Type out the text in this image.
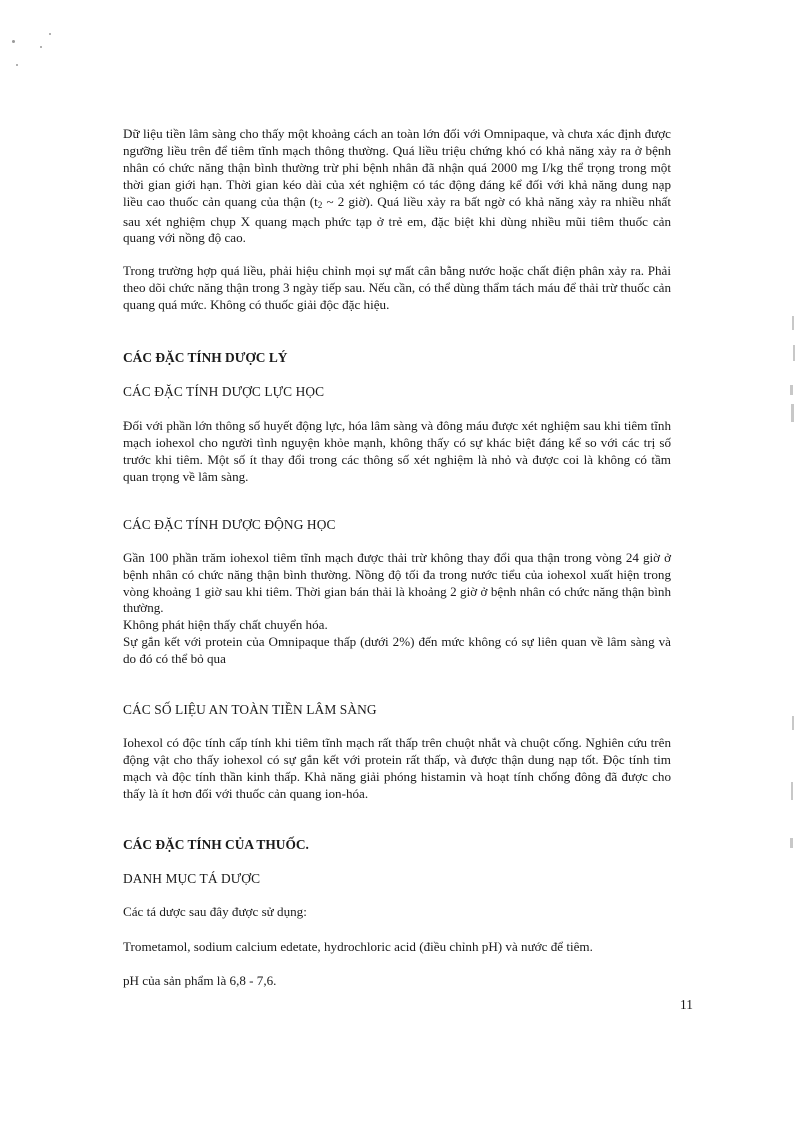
Dữ liệu tiền lâm sàng cho thấy một khoảng cách an toàn lớn đối với Omnipaque, và chưa xác định được ngưỡng liều trên để tiêm tĩnh mạch thông thường. Quá liều triệu chứng khó có khả năng xảy ra ở bệnh nhân có chức năng thận bình thường trừ phi bệnh nhân đã nhận quá 2000 mg I/kg thể trọng trong một thời gian giới hạn. Thời gian kéo dài của xét nghiệm có tác động đáng kể đối với khả năng dung nạp liều cao thuốc cản quang của thận ($t_2$ ~ 2 giờ). Quá liều xảy ra bất ngờ có khả năng xảy ra nhiều nhất sau xét nghiệm chụp X quang mạch phức tạp ở trẻ em, đặc biệt khi dùng nhiều mũi tiêm thuốc cản quang với nồng độ cao.

Trong trường hợp quá liều, phải hiệu chỉnh mọi sự mất cân bằng nước hoặc chất điện phân xảy ra. Phải theo dõi chức năng thận trong 3 ngày tiếp sau. Nếu cần, có thể dùng thẩm tách máu để thải trừ thuốc cản quang quá mức. Không có thuốc giải độc đặc hiệu.

CÁC ĐẶC TÍNH DƯỢC LÝ

CÁC ĐẶC TÍNH DƯỢC LỰC HỌC

Đối với phần lớn thông số huyết động lực, hóa lâm sàng và đông máu được xét nghiệm sau khi tiêm tĩnh mạch iohexol cho người tình nguyện khỏe mạnh, không thấy có sự khác biệt đáng kể so với các trị số trước khi tiêm. Một số ít thay đổi trong các thông số xét nghiệm là nhỏ và được coi là không có tầm quan trọng về lâm sàng.

CÁC ĐẶC TÍNH DƯỢC ĐỘNG HỌC

Gần 100 phần trăm iohexol tiêm tĩnh mạch được thải trừ không thay đổi qua thận trong vòng 24 giờ ở bệnh nhân có chức năng thận bình thường. Nồng độ tối đa trong nước tiểu của iohexol xuất hiện trong vòng khoảng 1 giờ sau khi tiêm. Thời gian bán thải là khoảng 2 giờ ở bệnh nhân có chức năng thận bình thường.

Không phát hiện thấy chất chuyển hóa.

Sự gắn kết với protein của Omnipaque thấp (dưới 2%) đến mức không có sự liên quan về lâm sàng và do đó có thể bỏ qua

CÁC SỐ LIỆU AN TOÀN TIỀN LÂM SÀNG

Iohexol có độc tính cấp tính khi tiêm tĩnh mạch rất thấp trên chuột nhắt và chuột cống. Nghiên cứu trên động vật cho thấy iohexol có sự gắn kết với protein rất thấp, và được thận dung nạp tốt. Độc tính tim mạch và độc tính thần kinh thấp. Khả năng giải phóng histamin và hoạt tính chống đông đã được cho thấy là ít hơn đối với thuốc cản quang ion-hóa.

CÁC ĐẶC TÍNH CỦA THUỐC.

DANH MỤC TÁ DƯỢC

Các tá dược sau đây được sử dụng:

Trometamol, sodium calcium edetate, hydrochloric acid (điều chỉnh pH) và nước để tiêm.

pH của sản phẩm là 6,8 - 7,6.

11
